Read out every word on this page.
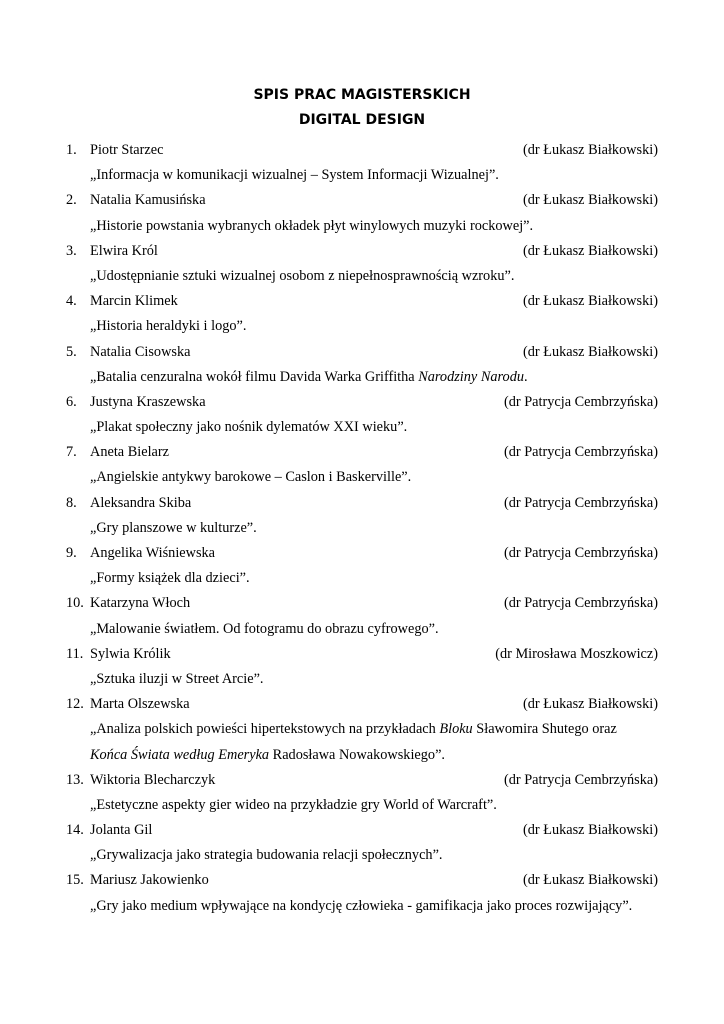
SPIS PRAC MAGISTERSKICH
DIGITAL DESIGN
1. Piotr Starzec	(dr Łukasz Białkowski)
„Informacja w komunikacji wizualnej – System Informacji Wizualnej”.
2. Natalia Kamusińska	(dr Łukasz Białkowski)
„Historie powstania wybranych okładek płyt winylowych muzyki rockowej”.
3. Elwira Król	(dr Łukasz Białkowski)
„Udostępnianie sztuki wizualnej osobom z niepełnosprawnością wzroku”.
4. Marcin Klimek	(dr Łukasz Białkowski)
„Historia heraldyki i logo”.
5. Natalia Cisowska	(dr Łukasz Białkowski)
„Batalia cenzuralna wokół filmu Davida Warka Griffitha Narodziny Narodu.
6. Justyna Kraszewska	(dr Patrycja Cembrzyńska)
„Plakat społeczny jako nośnik dylematów XXI wieku”.
7. Aneta Bielarz	(dr Patrycja Cembrzyńska)
„Angielskie antykwy barokowe – Caslon i Baskerville”.
8. Aleksandra Skiba	(dr Patrycja Cembrzyńska)
„Gry planszowe w kulturze”.
9. Angelika Wiśniewska	(dr Patrycja Cembrzyńska)
„Formy książek dla dzieci”.
10. Katarzyna Włoch	(dr Patrycja Cembrzyńska)
„Malowanie światłem. Od fotogramu do obrazu cyfrowego”.
11. Sylwia Królik	(dr Mirosława Moszkowicz)
„Sztuka iluzji w Street Arcie”.
12. Marta Olszewska	(dr Łukasz Białkowski)
„Analiza polskich powieści hipertekstowych na przykładach Bloku Sławomira Shutego oraz
Końca Świata według Emeryka Radosława Nowakowskiego”.
13. Wiktoria Blecharczyk	(dr Patrycja Cembrzyńska)
„Estetyczne aspekty gier wideo na przykładzie gry World of Warcraft”.
14. Jolanta Gil	(dr Łukasz Białkowski)
„Grywalizacja jako strategia budowania relacji społecznych”.
15. Mariusz Jakowienko	(dr Łukasz Białkowski)
„Gry jako medium wpływające na kondycję człowieka - gamifikacja jako proces rozwijający”.
